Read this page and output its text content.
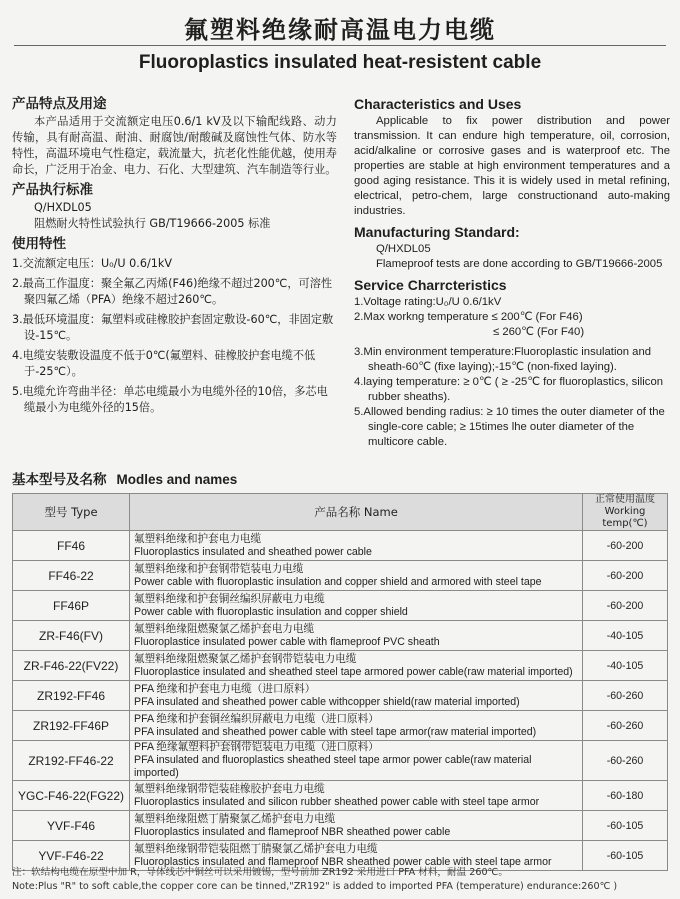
氟塑料绝缘耐高温电力电缆
Fluoroplastics insulated heat-resistent cable
产品特点及用途

本产品适用于交流额定电压0.6/1 kV及以下输配线路、动力传输，具有耐高温、耐油、耐腐蚀/耐酸碱及腐蚀性气体、防水等特性，高温环境电气性稳定，载流量大，抗老化性能优越，使用寿命长，广泛用于冶金、电力、石化、大型建筑、汽车制造等行业。

产品执行标准

Q/HXDL05

阻燃耐火特性试验执行 GB/T19666-2005 标准

使用特性

1.交流额定电压：U₀/U 0.6/1kV

2.最高工作温度：聚全氟乙丙烯(F46)绝缘不超过200℃，可溶性聚四氟乙烯（PFA）绝缘不超过260℃。

3.最低环境温度：氟塑料或硅橡胶护套固定敷设-60℃，非固定敷设-15℃。

4.电缆安装敷设温度不低于0℃(氟塑料、硅橡胶护套电缆不低于-25℃）。

5.电缆允许弯曲半径：单芯电缆最小为电缆外径的10倍，多芯电缆最小为电缆外径的15倍。

Characteristics and Uses

Applicable to fix power distribution and power transmission. It can endure high temperature, oil, corrosion, acid/alkaline or corrosive gases and is waterproof etc. The properties are stable at high environment temperatures and a good aging resistance. This it is widely used in metal refining, electrical, petro-chem, large constructionand auto-making industries.

Manufacturing Standard:

Q/HXDL05

Flameproof tests are done according to GB/T19666-2005

Service Charrcteristics

1.Voltage rating:U₀/U 0.6/1kV

2.Max workng temperature ≤ 200℃ (For F46)

≤ 260℃ (For F40)

3.Min environment temperature:Fluoroplastic insulation and sheath-60℃ (fixe laying);-15℃ (non-fixed laying).

4.laying temperature: ≥ 0℃ ( ≥ -25℃ for fluoroplastics, silicon rubber sheaths).

5.Allowed bending radius: ≥ 10 times the outer diameter of the single-core cable; ≥ 15times lhe outer diameter of the multicore cable.

基本型号及名称 Modles and names
型号 Type	产品名称 Name	正常使用温度
Working temp(℃)

FF46	氟塑料绝缘和护套电力电缆
Fluoroplastics insulated and sheathed power cable	-60-200
FF46-22	氟塑料绝缘和护套钢带铠装电力电缆
Power cable with fluoroplastic insulation and copper shield and armored with steel tape	-60-200
FF46P	氟塑料绝缘和护套铜丝编织屏蔽电力电缆
Power cable with fluoroplastic insulation and copper shield	-60-200
ZR-F46(FV)	氟塑料绝缘阻燃聚氯乙烯护套电力电缆
Fluoroplastice insulated power cable with flameproof PVC sheath	-40-105
ZR-F46-22(FV22)	氟塑料绝缘阻燃聚氯乙烯护套钢带铠装电力电缆
Fluoroplastice insulated and sheathed steel tape armored power cable(raw material imported)	-40-105
ZR192-FF46	PFA 绝缘和护套电力电缆（进口原料）
PFA insulated and sheathed power cable withcopper shield(raw material imported)	-60-260
ZR192-FF46P	PFA 绝缘和护套铜丝编织屏蔽电力电缆（进口原料）
PFA insulated and sheathed power cable with steel tape armor(raw material imported)	-60-260
ZR192-FF46-22	PFA 绝缘氟塑料护套钢带铠装电力电缆（进口原料）
PFA insulated and fluoroplastics sheathed steel tape armor power cable(raw material imported)	-60-260
YGC-F46-22(FG22)	氟塑料绝缘钢带铠装硅橡胶护套电力电缆
Fluoroplastics insulated and silicon rubber sheathed power cable with steel tape armor	-60-180
YVF-F46	氟塑料绝缘阻燃丁腈聚氯乙烯护套电力电缆
Fluoroplastics insulated and flameproof NBR sheathed power cable	-60-105
YVF-F46-22	氟塑料绝缘钢带铠装阻燃丁腈聚氯乙烯护套电力电缆
Fluoroplastics insulated and flameproof NBR sheathed power cable with steel tape armor	-60-105
注：软结构电缆在原型中加 R，导体线芯中铜丝可以采用镀锡，型号前加 ZR192 采用进口 PFA 材料，耐温 260℃。
Note:Plus "R" to soft cable,the copper core can be tinned,"ZR192" is added to imported PFA (temperature) endurance:260℃ )
